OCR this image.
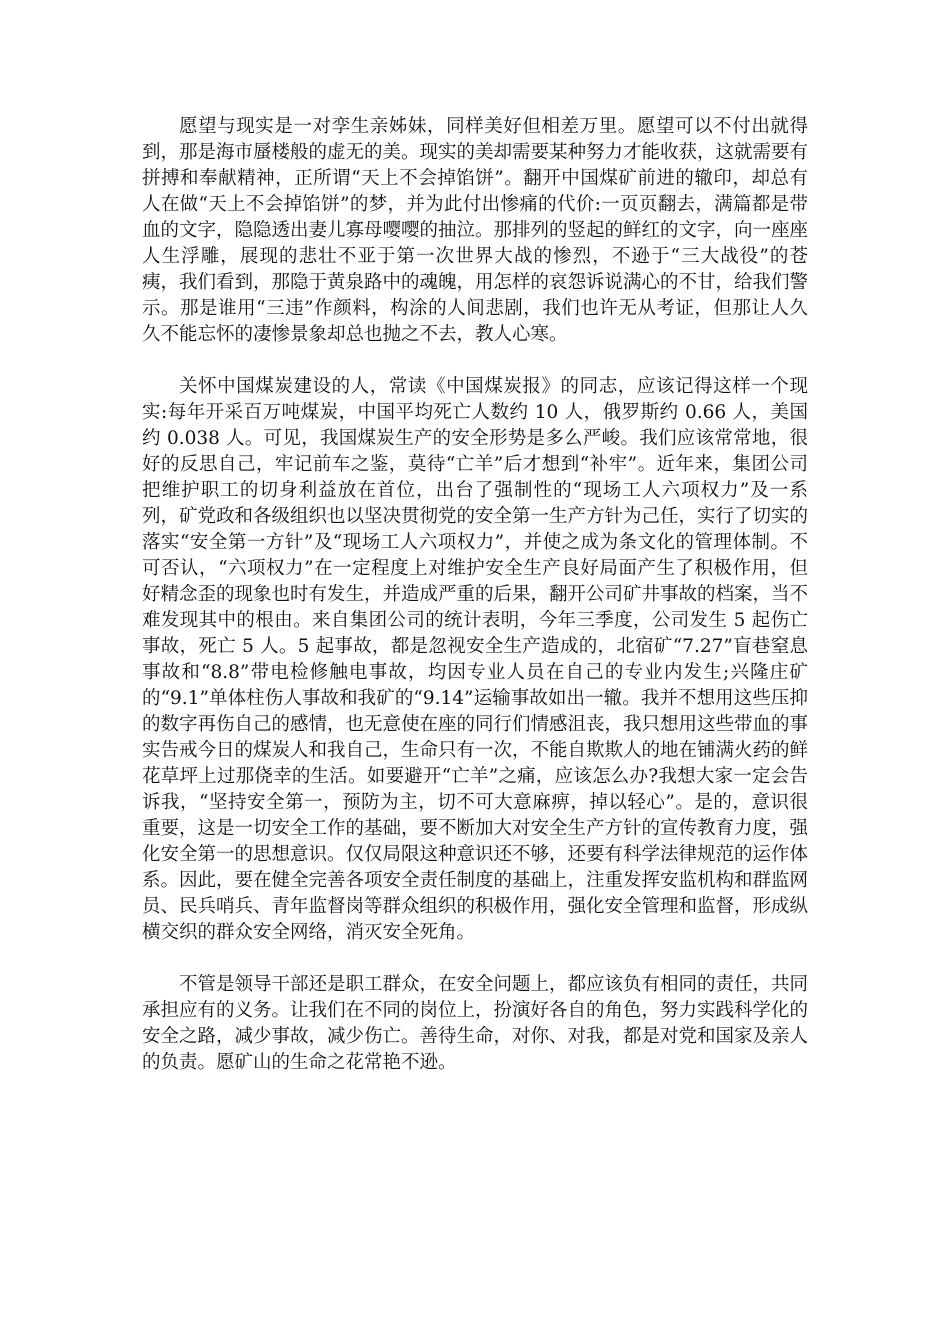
愿望与现实是一对孪生亲姊妹，同样美好但相差万里。愿望可以不付出就得到，那是海市蜃楼般的虚无的美。现实的美却需要某种努力才能收获，这就需要有拼搏和奉献精神，正所谓“天上不会掉馅饼”。翻开中国煤矿前进的辙印，却总有人在做“天上不会掉馅饼”的梦，并为此付出惨痛的代价:一页页翻去，满篇都是带血的文字，隐隐透出妻儿寡母嘤嘤的抽泣。那排列的竖起的鲜红的文字，向一座座人生浮雕，展现的悲壮不亚于第一次世界大战的惨烈，不逊于“三大战役”的苍痍，我们看到，那隐于黄泉路中的魂魄，用怎样的哀怨诉说满心的不甘，给我们警示。那是谁用“三违”作颜料，构涂的人间悲剧，我们也许无从考证，但那让人久久不能忘怀的凄惨景象却总也抛之不去，教人心寒。

关怀中国煤炭建设的人，常读《中国煤炭报》的同志，应该记得这样一个现实:每年开采百万吨煤炭，中国平均死亡人数约 10 人，俄罗斯约 0.66 人，美国约 0.038 人。可见，我国煤炭生产的安全形势是多么严峻。我们应该常常地，很好的反思自己，牢记前车之鉴，莫待“亡羊”后才想到“补牢”。近年来，集团公司把维护职工的切身利益放在首位，出台了强制性的“现场工人六项权力”及一系列，矿党政和各级组织也以坚决贯彻党的安全第一生产方针为己任，实行了切实的落实“安全第一方针”及“现场工人六项权力”，并使之成为条文化的管理体制。不可否认，“六项权力”在一定程度上对维护安全生产良好局面产生了积极作用，但好精念歪的现象也时有发生，并造成严重的后果，翻开公司矿井事故的档案，当不难发现其中的根由。来自集团公司的统计表明，今年三季度，公司发生 5 起伤亡事故，死亡 5 人。5 起事故，都是忽视安全生产造成的，北宿矿“7.27”盲巷窒息事故和“8.8”带电检修触电事故，均因专业人员在自己的专业内发生;兴隆庄矿的“9.1”单体柱伤人事故和我矿的“9.14”运输事故如出一辙。我并不想用这些压抑的数字再伤自己的感情，也无意使在座的同行们情感沮丧，我只想用这些带血的事实告戒今日的煤炭人和我自己，生命只有一次，不能自欺欺人的地在铺满火药的鲜花草坪上过那侥幸的生活。如要避开“亡羊”之痛，应该怎么办?我想大家一定会告诉我，“坚持安全第一，预防为主，切不可大意麻痹，掉以轻心”。是的，意识很重要，这是一切安全工作的基础，要不断加大对安全生产方针的宣传教育力度，强化安全第一的思想意识。仅仅局限这种意识还不够，还要有科学法律规范的运作体系。因此，要在健全完善各项安全责任制度的基础上，注重发挥安监机构和群监网员、民兵哨兵、青年监督岗等群众组织的积极作用，强化安全管理和监督，形成纵横交织的群众安全网络，消灭安全死角。

不管是领导干部还是职工群众，在安全问题上，都应该负有相同的责任，共同承担应有的义务。让我们在不同的岗位上，扮演好各自的角色，努力实践科学化的安全之路，减少事故，减少伤亡。善待生命，对你、对我，都是对党和国家及亲人的负责。愿矿山的生命之花常艳不逊。
